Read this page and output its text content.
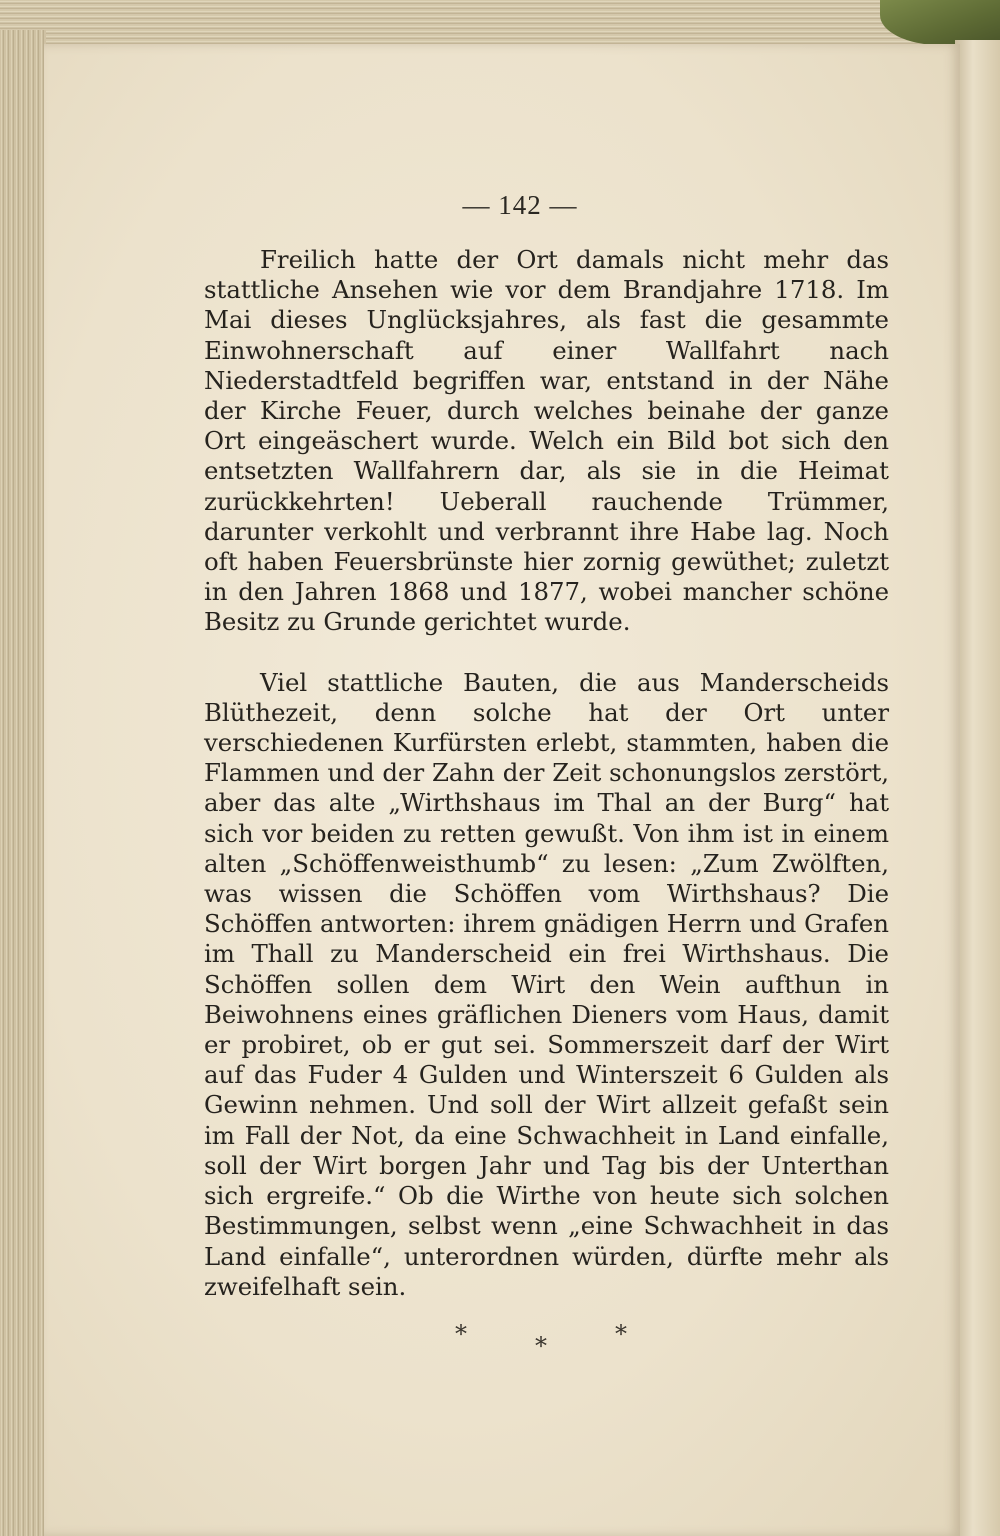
— 142 —

Freilich hatte der Ort damals nicht mehr das stattliche Ansehen wie vor dem Brandjahre 1718. Im Mai dieses Unglücksjahres, als fast die gesammte Einwohnerschaft auf einer Wallfahrt nach Niederstadtfeld begriffen war, entstand in der Nähe der Kirche Feuer, durch welches beinahe der ganze Ort eingeäschert wurde. Welch ein Bild bot sich den entsetzten Wallfahrern dar, als sie in die Heimat zurückkehrten! Ueberall rauchende Trümmer, darunter verkohlt und verbrannt ihre Habe lag. Noch oft haben Feuersbrünste hier zornig gewüthet; zuletzt in den Jahren 1868 und 1877, wobei mancher schöne Besitz zu Grunde gerichtet wurde.

Viel stattliche Bauten, die aus Manderscheids Blüthezeit, denn solche hat der Ort unter verschiedenen Kurfürsten erlebt, stammten, haben die Flammen und der Zahn der Zeit schonungslos zerstört, aber das alte „Wirthshaus im Thal an der Burg“ hat sich vor beiden zu retten gewußt. Von ihm ist in einem alten „Schöffenweisthumb“ zu lesen: „Zum Zwölften, was wissen die Schöffen vom Wirthshaus? Die Schöffen antworten: ihrem gnädigen Herrn und Grafen im Thall zu Manderscheid ein frei Wirthshaus. Die Schöffen sollen dem Wirt den Wein aufthun in Beiwohnens eines gräflichen Dieners vom Haus, damit er probiret, ob er gut sei. Sommerszeit darf der Wirt auf das Fuder 4 Gulden und Winterszeit 6 Gulden als Gewinn nehmen. Und soll der Wirt allzeit gefaßt sein im Fall der Not, da eine Schwachheit in Land einfalle, soll der Wirt borgen Jahr und Tag bis der Unterthan sich ergreife.“ Ob die Wirthe von heute sich solchen Bestimmungen, selbst wenn „eine Schwachheit in das Land einfalle“, unterordnen würden, dürfte mehr als zweifelhaft sein.

*	*	*
